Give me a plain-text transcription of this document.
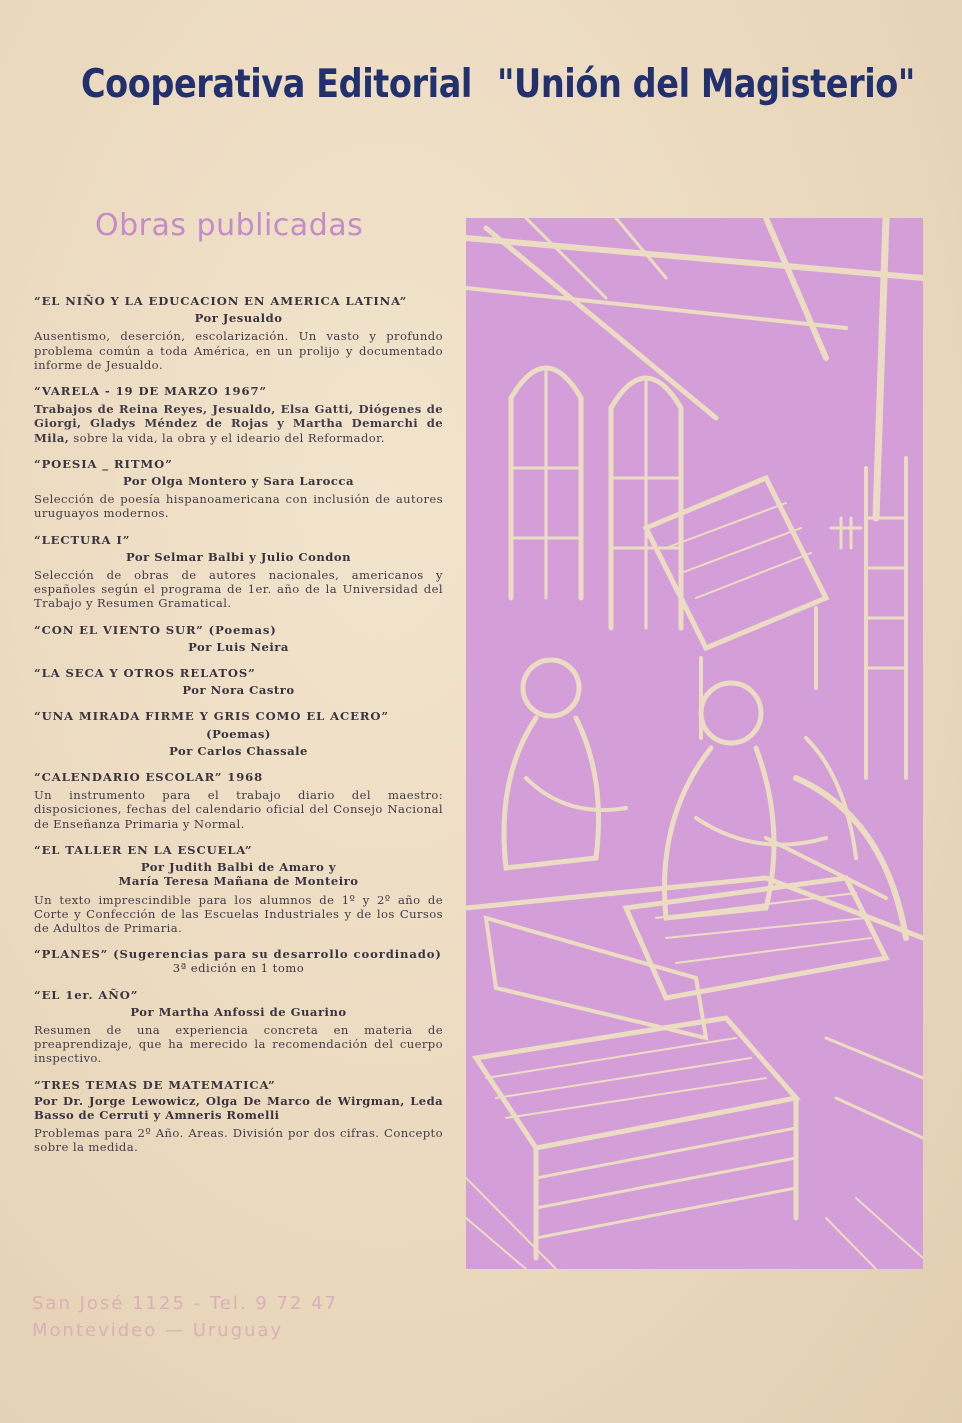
Cooperativa Editorial "Unión del Magisterio"
Obras publicadas
“EL NIÑO Y LA EDUCACION EN AMERICA LATINA”
Por Jesualdo
Ausentismo, deserción, escolarización. Un vasto y profundo problema común a toda América, en un prolijo y documentado informe de Jesualdo.
“VARELA - 19 DE MARZO 1967”
Trabajos de Reina Reyes, Jesualdo, Elsa Gatti, Diógenes de Giorgi, Gladys Méndez de Rojas y Martha Demarchi de Mila, sobre la vida, la obra y el ideario del Reformador.
“POESIA _ RITMO”
Por Olga Montero y Sara Larocca
Selección de poesía hispanoamericana con inclusión de autores uruguayos modernos.
“LECTURA I”
Por Selmar Balbi y Julio Condon
Selección de obras de autores nacionales, americanos y españoles según el programa de 1er. año de la Universidad del Trabajo y Resumen Gramatical.
“CON EL VIENTO SUR” (Poemas)
Por Luis Neira
“LA SECA Y OTROS RELATOS”
Por Nora Castro
“UNA MIRADA FIRME Y GRIS COMO EL ACERO”
(Poemas)
Por Carlos Chassale
“CALENDARIO ESCOLAR” 1968
Un instrumento para el trabajo diario del maestro: disposiciones, fechas del calendario oficial del Consejo Nacional de Enseñanza Primaria y Normal.
“EL TALLER EN LA ESCUELA”
Por Judith Balbi de Amaro y
María Teresa Mañana de Monteiro
Un texto imprescindible para los alumnos de 1º y 2º año de Corte y Confección de las Escuelas Industriales y de los Cursos de Adultos de Primaria.
“PLANES” (Sugerencias para su desarrollo coordinado)
3ª edición en 1 tomo
“EL 1er. AÑO”
Por Martha Anfossi de Guarino
Resumen de una experiencia concreta en materia de preaprendizaje, que ha merecido la recomendación del cuerpo inspectivo.
“TRES TEMAS DE MATEMATICA”
Por Dr. Jorge Lewowicz, Olga De Marco de Wirgman, Leda Basso de Cerruti y Amneris Romelli
Problemas para 2º Año. Areas. División por dos cifras. Concepto sobre la medida.
San José 1125 - Tel. 9 72 47
Montevideo — Uruguay
